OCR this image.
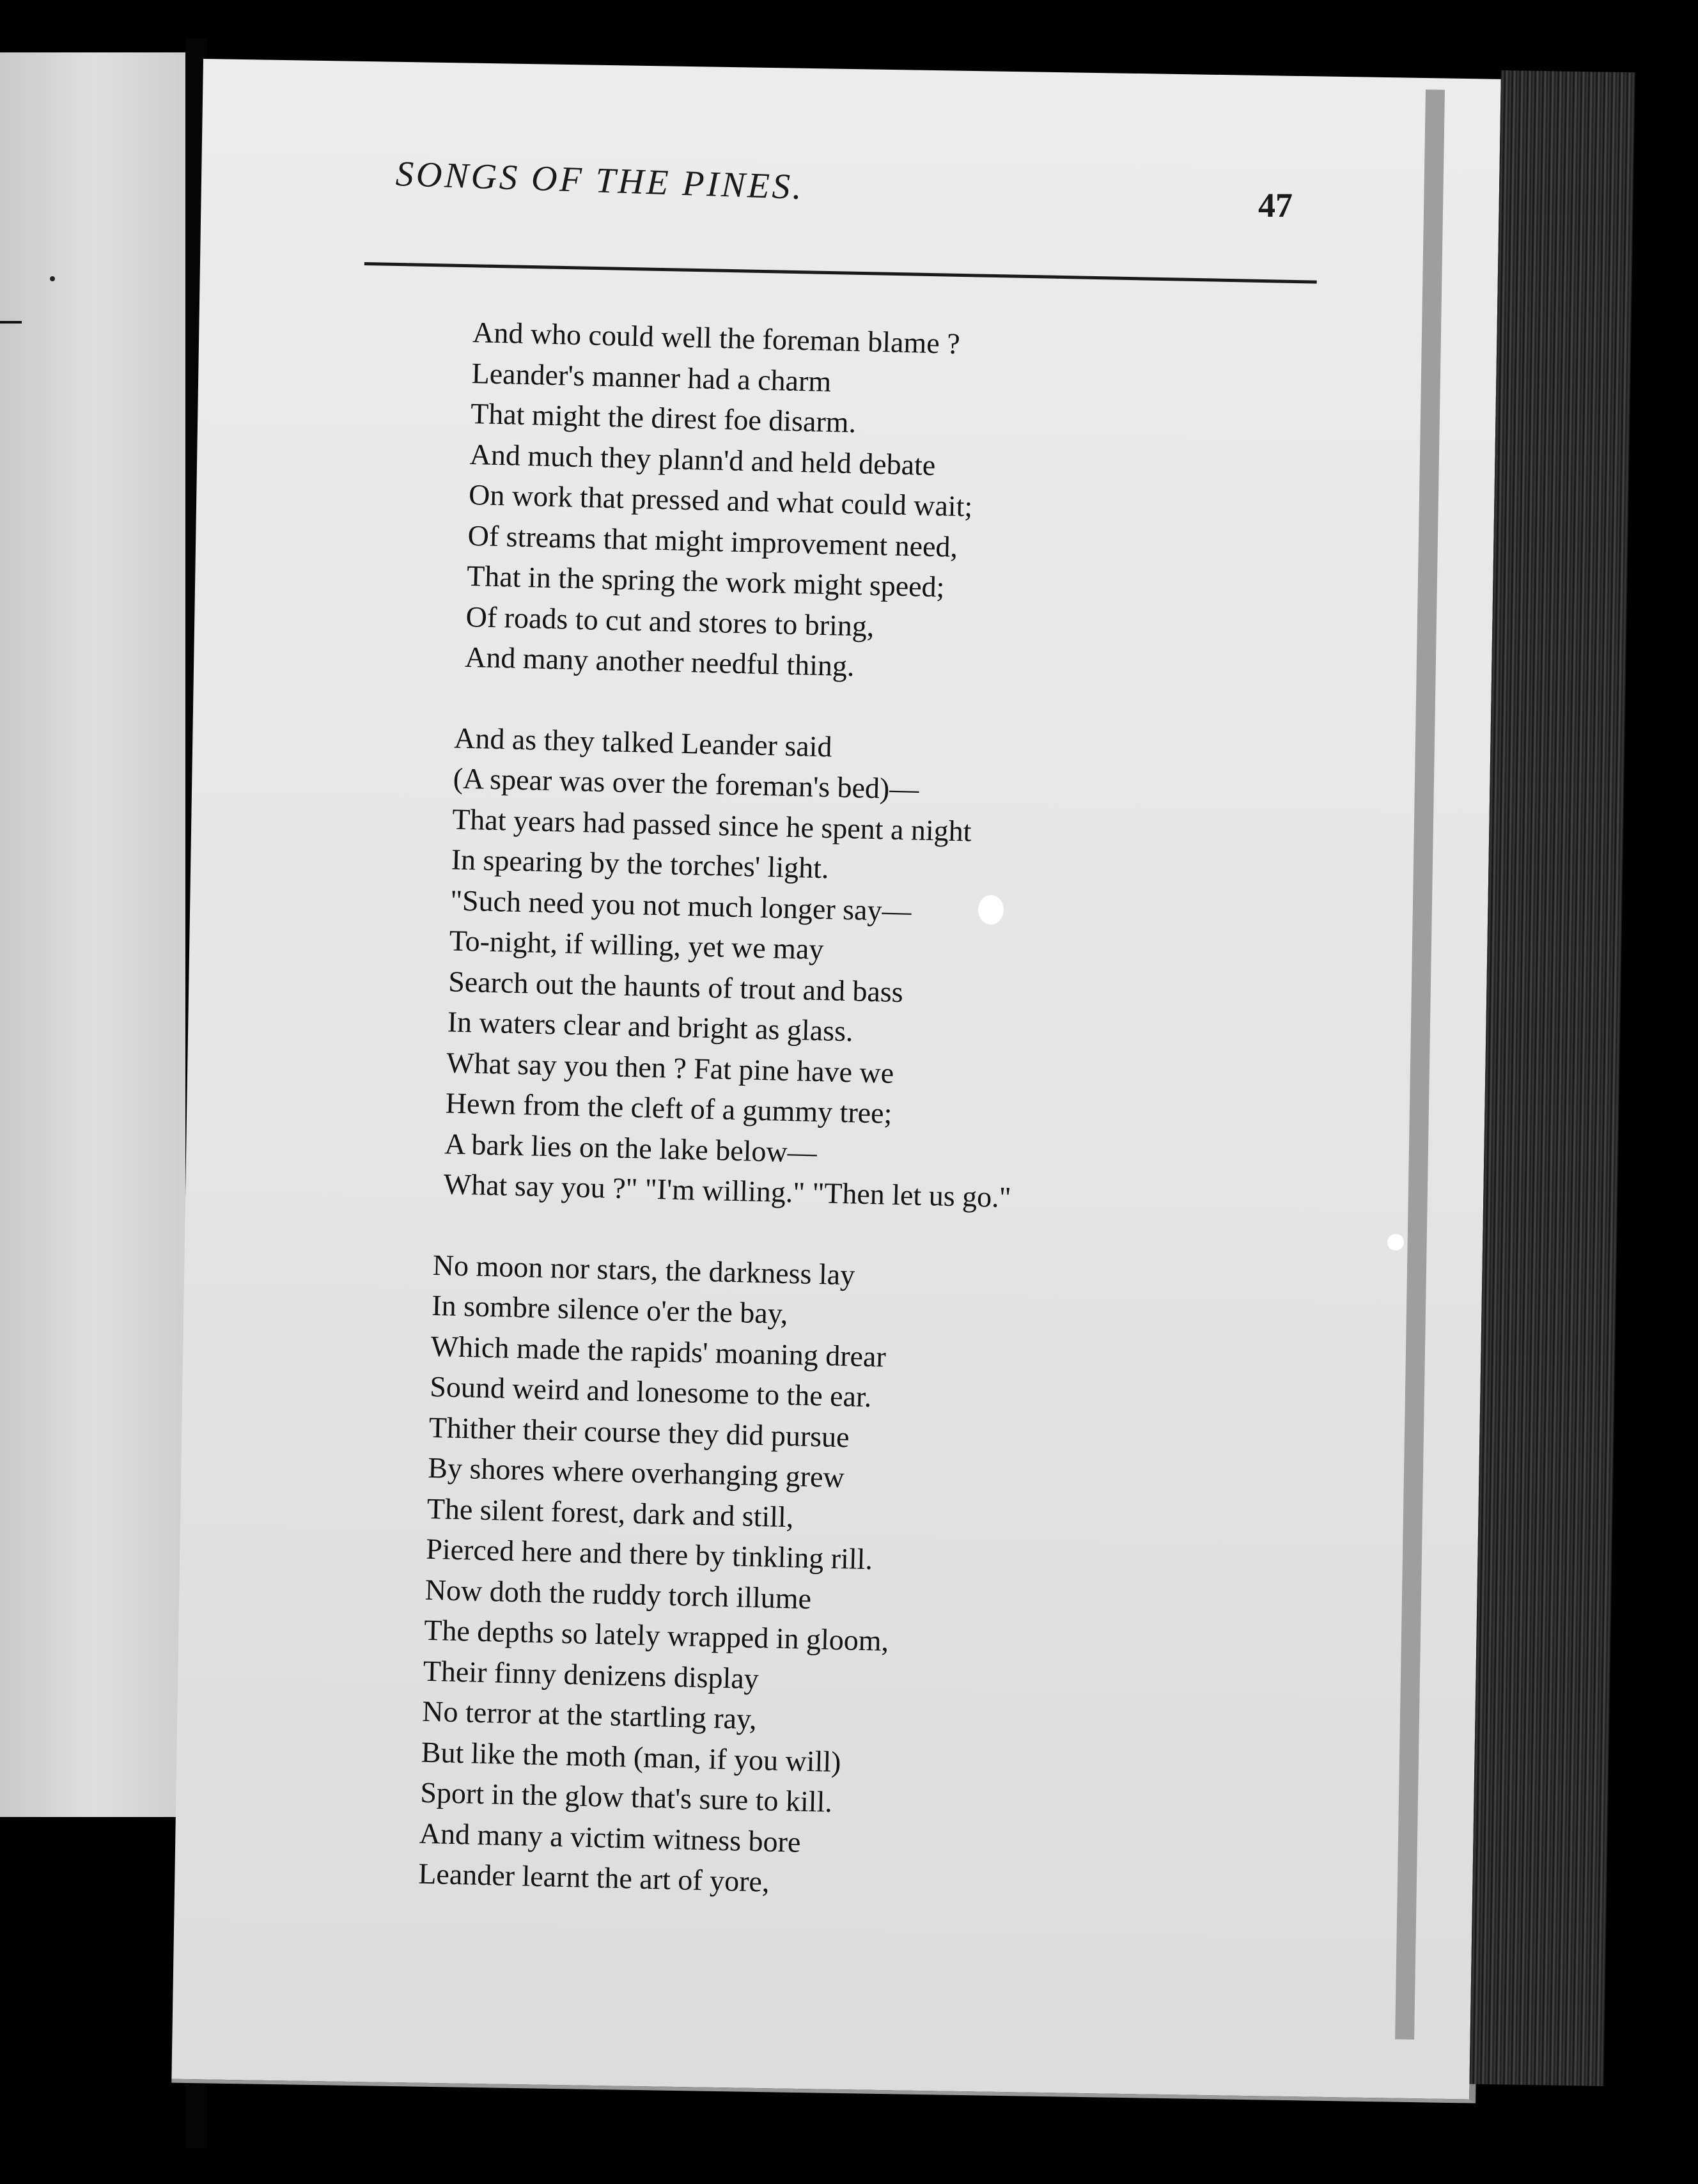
SONGS OF THE PINES.	47
And who could well the foreman blame ?
Leander's manner had a charm
That might the direst foe disarm.
And much they plann'd and held debate
On work that pressed and what could wait;
Of streams that might improvement need,
That in the spring the work might speed;
Of roads to cut and stores to bring,
And many another needful thing.
And as they talked Leander said
(A spear was over the foreman's bed)—
That years had passed since he spent a night
In spearing by the torches' light.
"Such need you not much longer say—
To-night, if willing, yet we may
Search out the haunts of trout and bass
In waters clear and bright as glass.
What say you then ? Fat pine have we
Hewn from the cleft of a gummy tree;
A bark lies on the lake below—
What say you ?" "I'm willing." "Then let us go."
No moon nor stars, the darkness lay
In sombre silence o'er the bay,
Which made the rapids' moaning drear
Sound weird and lonesome to the ear.
Thither their course they did pursue
By shores where overhanging grew
The silent forest, dark and still,
Pierced here and there by tinkling rill.
Now doth the ruddy torch illume
The depths so lately wrapped in gloom,
Their finny denizens display
No terror at the startling ray,
But like the moth (man, if you will)
Sport in the glow that's sure to kill.
And many a victim witness bore
Leander learnt the art of yore,
